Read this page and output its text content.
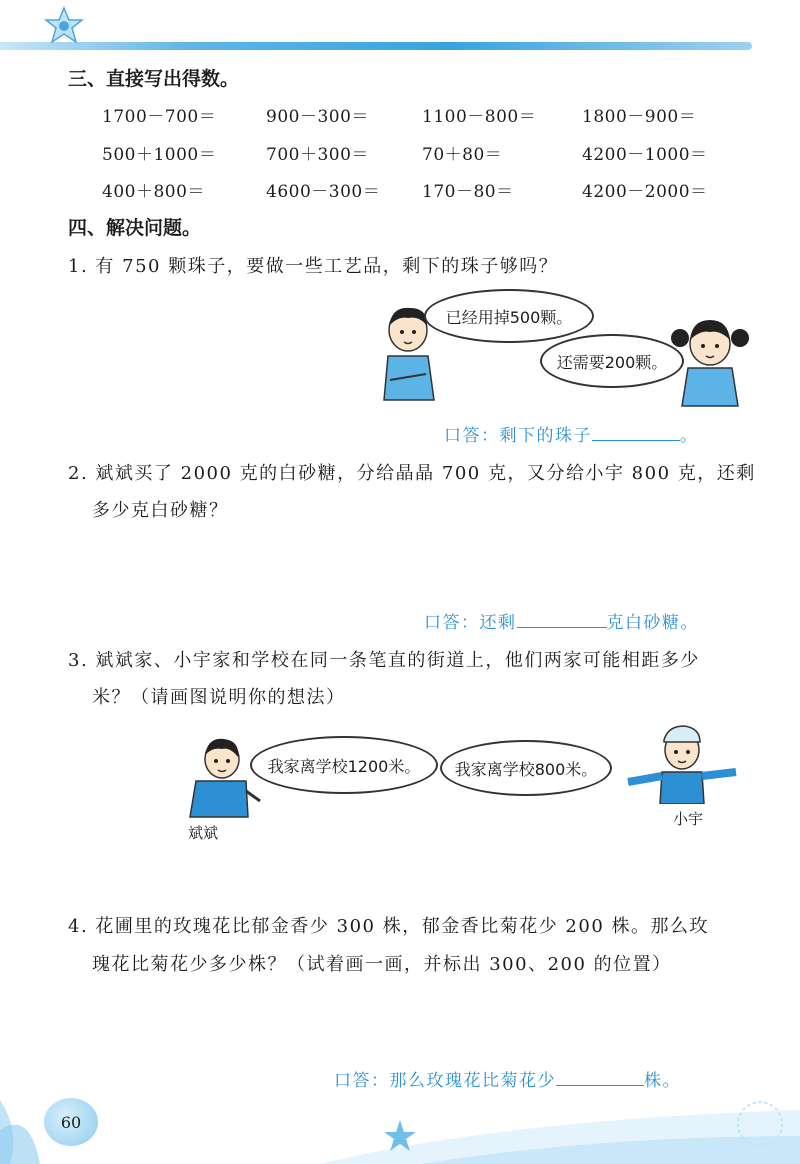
三、直接写出得数。
1700－700＝	900－300＝	1100－800＝	1800－900＝
500＋1000＝	700＋300＝	70＋80＝	4200－1000＝
400＋800＝	4600－300＝ 170－80＝	4200－2000＝
四、解决问题。
1. 有 750 颗珠子，要做一些工艺品，剩下的珠子够吗？
已经用掉500颗。
还需要200颗。
口答：剩下的珠子	。
2. 斌斌买了 2000 克的白砂糖，分给晶晶 700 克，又分给小宇 800 克，还剩
多少克白砂糖？
口答：还剩	克白砂糖。
3. 斌斌家、小宇家和学校在同一条笔直的街道上，他们两家可能相距多少
米？（请画图说明你的想法）
斌斌
我家离学校1200米。	我家离学校800米。
小宇
4. 花圃里的玫瑰花比郁金香少 300 株，郁金香比菊花少 200 株。那么玫
瑰花比菊花少多少株？（试着画一画，并标出 300、200 的位置）
口答：那么玫瑰花比菊花少	株。
60
